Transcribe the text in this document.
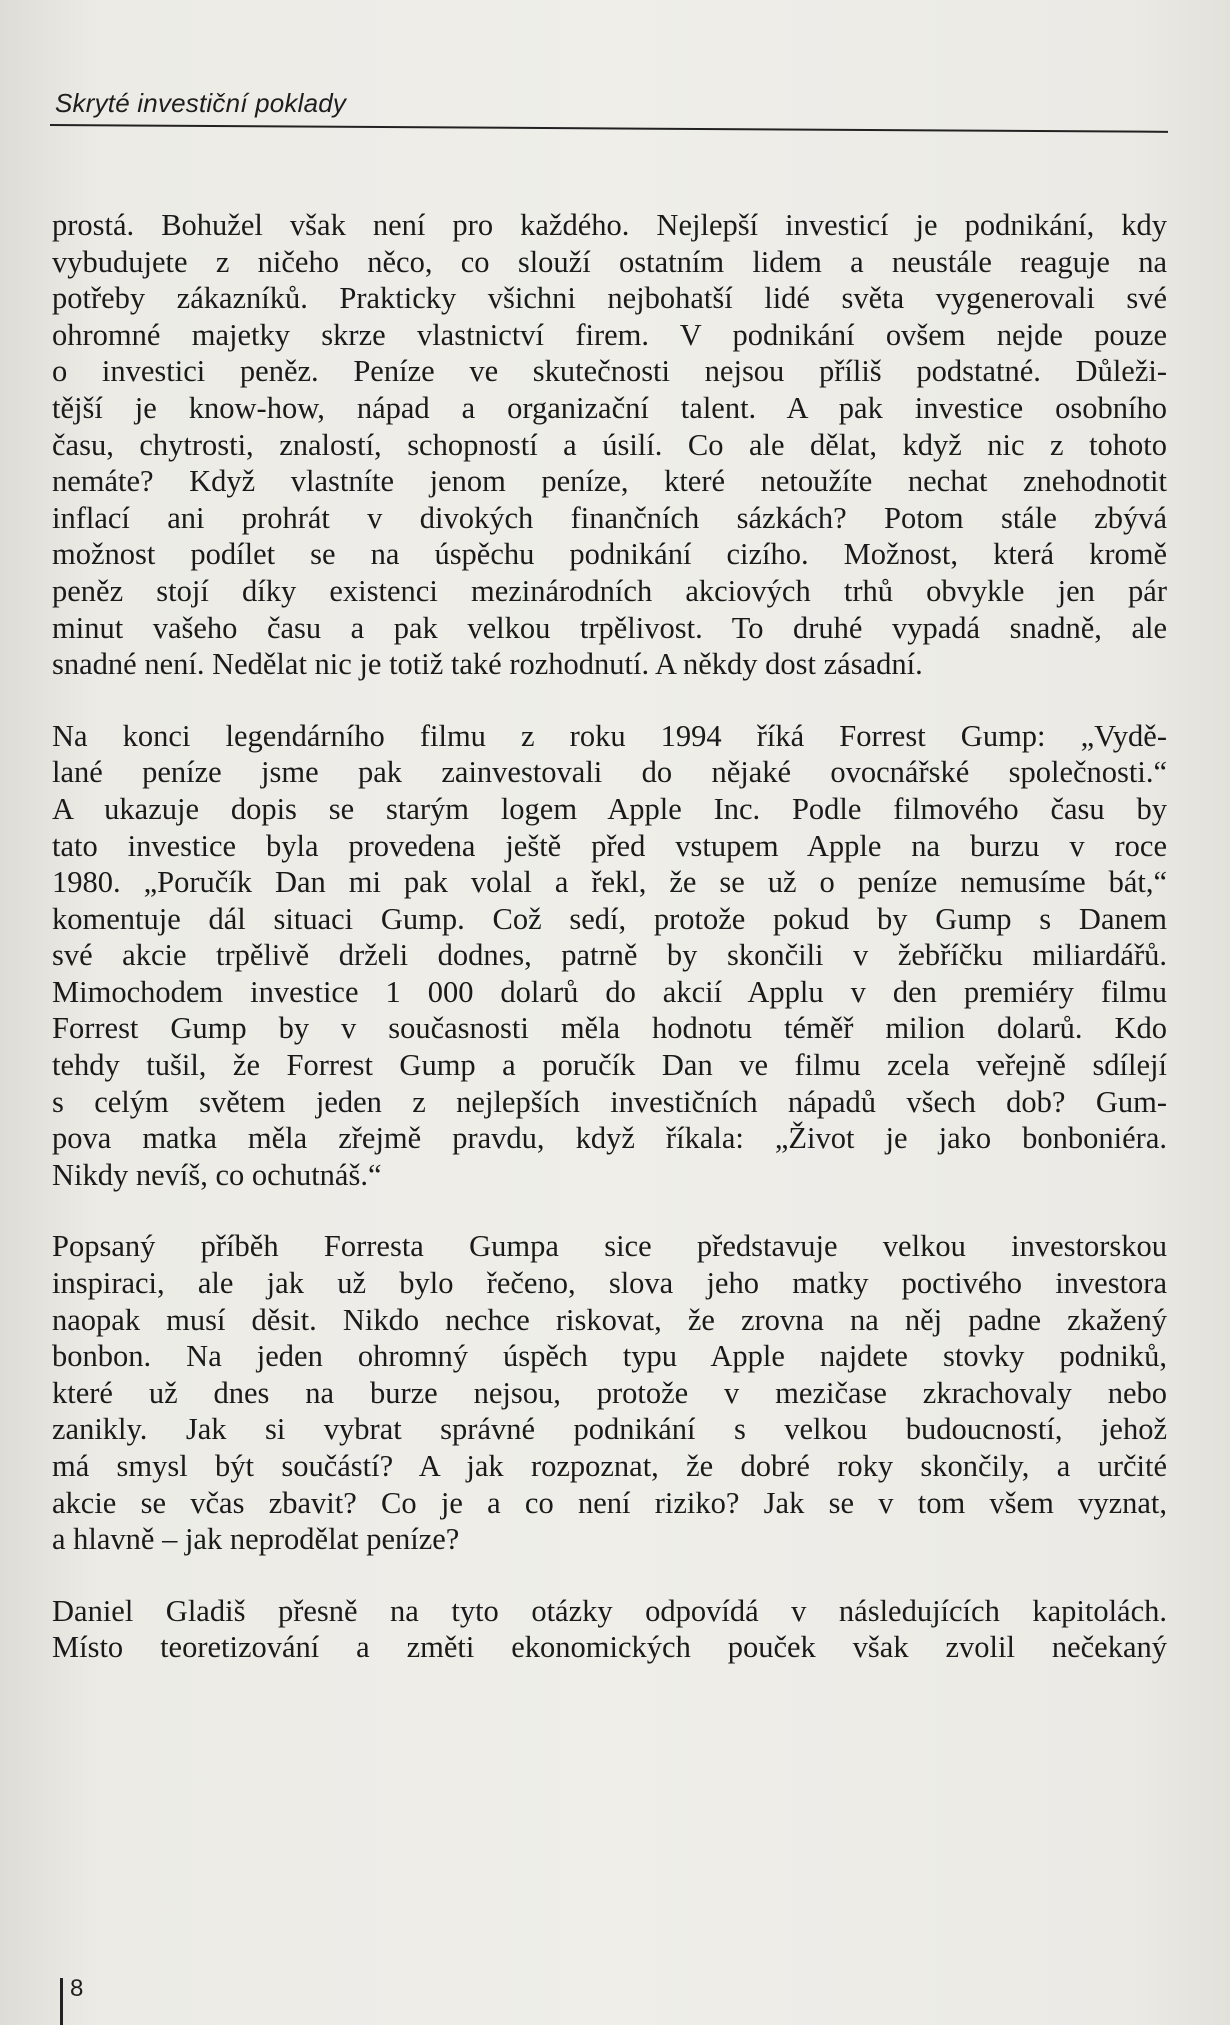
Skryté investiční poklady

prostá. Bohužel však není pro každého. Nejlepší investicí je podnikání, kdy
vybudujete z ničeho něco, co slouží ostatním lidem a neustále reaguje na
potřeby zákazníků. Prakticky všichni nejbohatší lidé světa vygenerovali své
ohromné majetky skrze vlastnictví firem. V podnikání ovšem nejde pouze
o investici peněz. Peníze ve skutečnosti nejsou příliš podstatné. Důleži-
tější je know-how, nápad a organizační talent. A pak investice osobního
času, chytrosti, znalostí, schopností a úsilí. Co ale dělat, když nic z tohoto
nemáte? Když vlastníte jenom peníze, které netoužíte nechat znehodnotit
inflací ani prohrát v divokých finančních sázkách? Potom stále zbývá
možnost podílet se na úspěchu podnikání cizího. Možnost, která kromě
peněz stojí díky existenci mezinárodních akciových trhů obvykle jen pár
minut vašeho času a pak velkou trpělivost. To druhé vypadá snadně, ale
snadné není. Nedělat nic je totiž také rozhodnutí. A někdy dost zásadní.

Na konci legendárního filmu z roku 1994 říká Forrest Gump: „Vydě-
lané peníze jsme pak zainvestovali do nějaké ovocnářské společnosti.“
A ukazuje dopis se starým logem Apple Inc. Podle filmového času by
tato investice byla provedena ještě před vstupem Apple na burzu v roce
1980. „Poručík Dan mi pak volal a řekl, že se už o peníze nemusíme bát,“
komentuje dál situaci Gump. Což sedí, protože pokud by Gump s Danem
své akcie trpělivě drželi dodnes, patrně by skončili v žebříčku miliardářů.
Mimochodem investice 1 000 dolarů do akcií Applu v den premiéry filmu
Forrest Gump by v současnosti měla hodnotu téměř milion dolarů. Kdo
tehdy tušil, že Forrest Gump a poručík Dan ve filmu zcela veřejně sdílejí
s celým světem jeden z nejlepších investičních nápadů všech dob? Gum-
pova matka měla zřejmě pravdu, když říkala: „Život je jako bonboniéra.
Nikdy nevíš, co ochutnáš.“

Popsaný příběh Forresta Gumpa sice představuje velkou investorskou
inspiraci, ale jak už bylo řečeno, slova jeho matky poctivého investora
naopak musí děsit. Nikdo nechce riskovat, že zrovna na něj padne zkažený
bonbon. Na jeden ohromný úspěch typu Apple najdete stovky podniků,
které už dnes na burze nejsou, protože v mezičase zkrachovaly nebo
zanikly. Jak si vybrat správné podnikání s velkou budoucností, jehož
má smysl být součástí? A jak rozpoznat, že dobré roky skončily, a určité
akcie se včas zbavit? Co je a co není riziko? Jak se v tom všem vyznat,
a hlavně – jak neprodělat peníze?

Daniel Gladiš přesně na tyto otázky odpovídá v následujících kapitolách.
Místo teoretizování a změti ekonomických pouček však zvolil nečekaný

8
